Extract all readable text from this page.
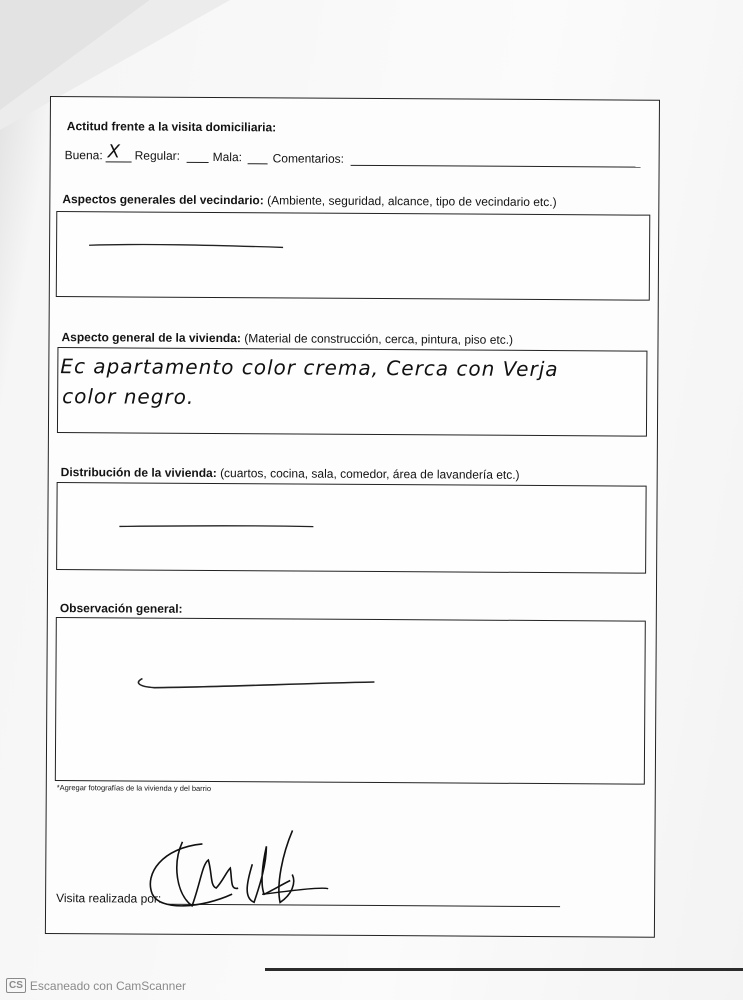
Actitud frente a la visita domiciliaria:
Buena: X Regular:	Mala:	Comentarios:
Aspectos generales del vecindario: (Ambiente, seguridad, alcance, tipo de vecindario etc.)
Aspecto general de la vivienda: (Material de construcción, cerca, pintura, piso etc.)
Ec apartamento color crema, Cerca con Verja
color negro.
Distribución de la vivienda: (cuartos, cocina, sala, comedor, área de lavandería etc.)
Observación general:
*Agregar fotografías de la vivienda y del barrio
Visita realizada por:
CS Escaneado con CamScanner
